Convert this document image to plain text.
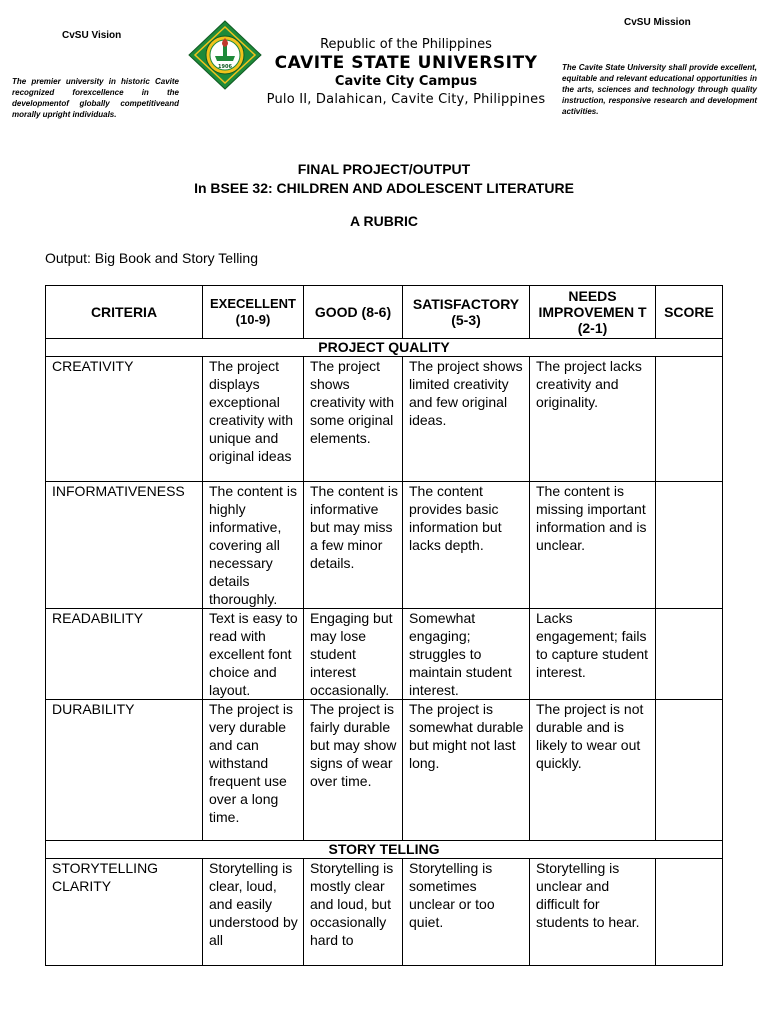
CvSU Vision
The premier university in historic Cavite recognized forexcellence in the developmentof globally competitiveand morally upright individuals.
1906
Republic of the Philippines
CAVITE STATE UNIVERSITY
Cavite City Campus
Pulo II, Dalahican, Cavite City, Philippines
CvSU Mission
The Cavite State University shall provide excellent, equitable and relevant educational opportunities in the arts, sciences and technology through quality instruction, responsive research and development activities.
FINAL PROJECT/OUTPUT
In BSEE 32: CHILDREN AND ADOLESCENT LITERATURE
A RUBRIC
Output: Big Book and Story Telling
CRITERIA	EXECELLENT (10-9)	GOOD (8-6)	SATISFACTORY (5-3)	NEEDS IMPROVEMEN T (2-1)	SCORE
PROJECT QUALITY					
CREATIVITY	The project displays exceptional creativity with unique and original ideas	The project shows creativity with some original elements.	The project shows limited creativity and few original ideas.	The project lacks creativity and originality.	
INFORMATIVENESS	The content is highly informative, covering all necessary details thoroughly.	The content is informative but may miss a few minor details.	The content provides basic information but lacks depth.	The content is missing important information and is unclear.	
READABILITY	Text is easy to read with excellent font choice and layout.	Engaging but may lose student interest occasionally.	Somewhat engaging; struggles to maintain student interest.	Lacks engagement; fails to capture student interest.	
DURABILITY	The project is very durable and can withstand frequent use over a long time.	The project is fairly durable but may show signs of wear over time.	The project is somewhat durable but might not last long.	The project is not durable and is likely to wear out quickly.	
STORY TELLING					
STORYTELLING CLARITY	Storytelling is clear, loud, and easily understood by all	Storytelling is mostly clear and loud, but occasionally hard to	Storytelling is sometimes unclear or too quiet.	Storytelling is unclear and difficult for students to hear.	
